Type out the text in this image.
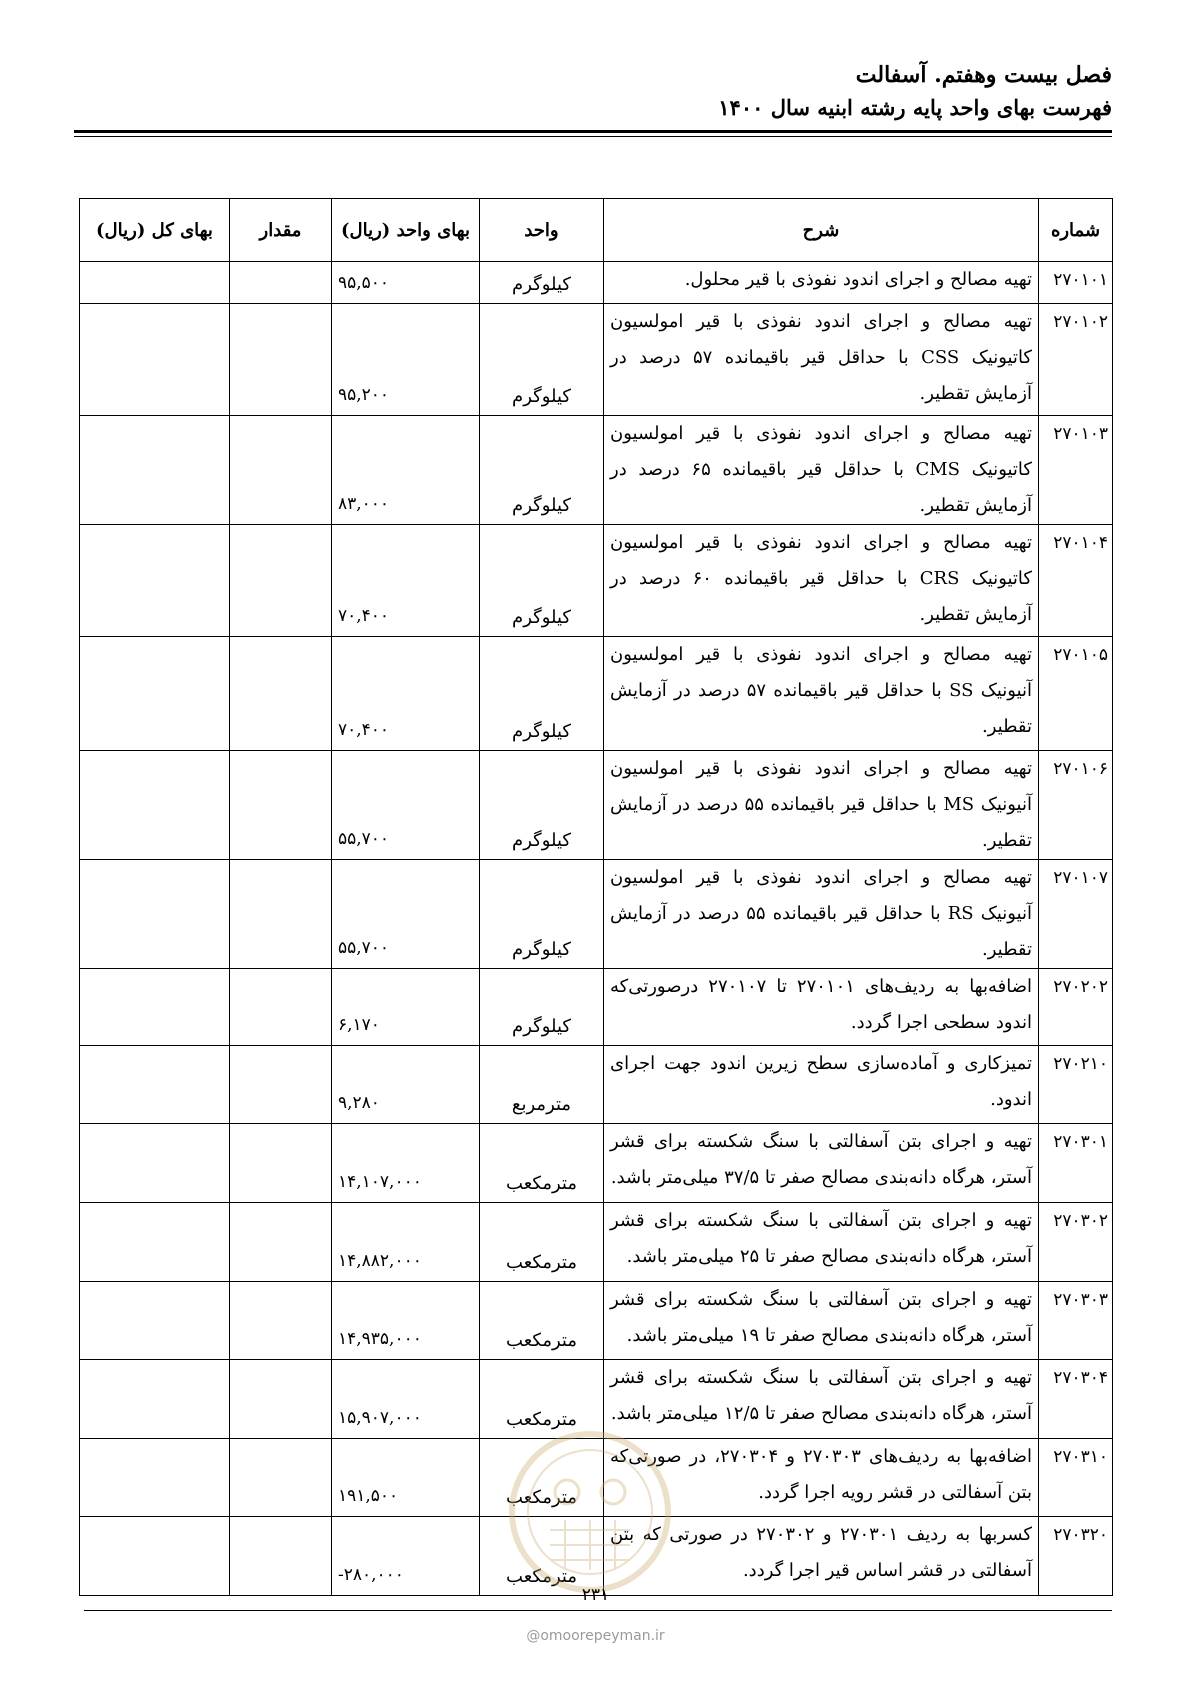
فصل بیست وهفتم. آسفالت
فهرست بهای واحد پایه رشته ابنیه سال ۱۴۰۰
شماره	شرح	واحد	بهای واحد (ریال)	مقدار	بهای کل (ریال)
۲۷۰۱۰۱	تهیه مصالح و اجرای اندود نفوذی با قیر محلول.	کیلوگرم	۹۵,۵۰۰		
۲۷۰۱۰۲	تهیه مصالح و اجرای اندود نفوذی با قیر امولسیون کاتیونیک CSS با حداقل قیر باقیمانده ۵۷ درصد در آزمایش تقطیر.	کیلوگرم	۹۵,۲۰۰		
۲۷۰۱۰۳	تهیه مصالح و اجرای اندود نفوذی با قیر امولسیون کاتیونیک CMS با حداقل قیر باقیمانده ۶۵ درصد در آزمایش تقطیر.	کیلوگرم	۸۳,۰۰۰		
۲۷۰۱۰۴	تهیه مصالح و اجرای اندود نفوذی با قیر امولسیون کاتیونیک CRS با حداقل قیر باقیمانده ۶۰ درصد در آزمایش تقطیر.	کیلوگرم	۷۰,۴۰۰		
۲۷۰۱۰۵	تهیه مصالح و اجرای اندود نفوذی با قیر امولسیون آنیونیک SS با حداقل قیر باقیمانده ۵۷ درصد در آزمایش تقطیر.	کیلوگرم	۷۰,۴۰۰		
۲۷۰۱۰۶	تهیه مصالح و اجرای اندود نفوذی با قیر امولسیون آنیونیک MS با حداقل قیر باقیمانده ۵۵ درصد در آزمایش تقطیر.	کیلوگرم	۵۵,۷۰۰		
۲۷۰۱۰۷	تهیه مصالح و اجرای اندود نفوذی با قیر امولسیون آنیونیک RS با حداقل قیر باقیمانده ۵۵ درصد در آزمایش تقطیر.	کیلوگرم	۵۵,۷۰۰		
۲۷۰۲۰۲	اضافه‌بها به ردیف‌های ۲۷۰۱۰۱ تا ۲۷۰۱۰۷ درصورتی‌که اندود سطحی اجرا گردد.	کیلوگرم	۶,۱۷۰		
۲۷۰۲۱۰	تمیزکاری و آماده‌سازی سطح زیرین اندود جهت اجرای اندود.	مترمربع	۹,۲۸۰		
۲۷۰۳۰۱	تهیه و اجرای بتن آسفالتی با سنگ شکسته برای قشر آستر، هرگاه دانه‌بندی مصالح صفر تا ۳۷/۵ میلی‌متر باشد.	مترمکعب	۱۴,۱۰۷,۰۰۰		
۲۷۰۳۰۲	تهیه و اجرای بتن آسفالتی با سنگ شکسته برای قشر آستر، هرگاه دانه‌بندی مصالح صفر تا ۲۵ میلی‌متر باشد.	مترمکعب	۱۴,۸۸۲,۰۰۰		
۲۷۰۳۰۳	تهیه و اجرای بتن آسفالتی با سنگ شکسته برای قشر آستر، هرگاه دانه‌بندی مصالح صفر تا ۱۹ میلی‌متر باشد.	مترمکعب	۱۴,۹۳۵,۰۰۰		
۲۷۰۳۰۴	تهیه و اجرای بتن آسفالتی با سنگ شکسته برای قشر آستر، هرگاه دانه‌بندی مصالح صفر تا ۱۲/۵ میلی‌متر باشد.	مترمکعب	۱۵,۹۰۷,۰۰۰		
۲۷۰۳۱۰	اضافه‌بها به ردیف‌های ۲۷۰۳۰۳ و ۲۷۰۳۰۴، در صورتی‌که بتن آسفالتی در قشر رویه اجرا گردد.	مترمکعب	۱۹۱,۵۰۰		
۲۷۰۳۲۰	کسربها به ردیف ۲۷۰۳۰۱ و ۲۷۰۳۰۲ در صورتی که بتن آسفالتی در قشر اساس قیر اجرا گردد.	مترمکعب	-۲۸۰,۰۰۰		
۲۳۱
@omoorepeyman.ir
